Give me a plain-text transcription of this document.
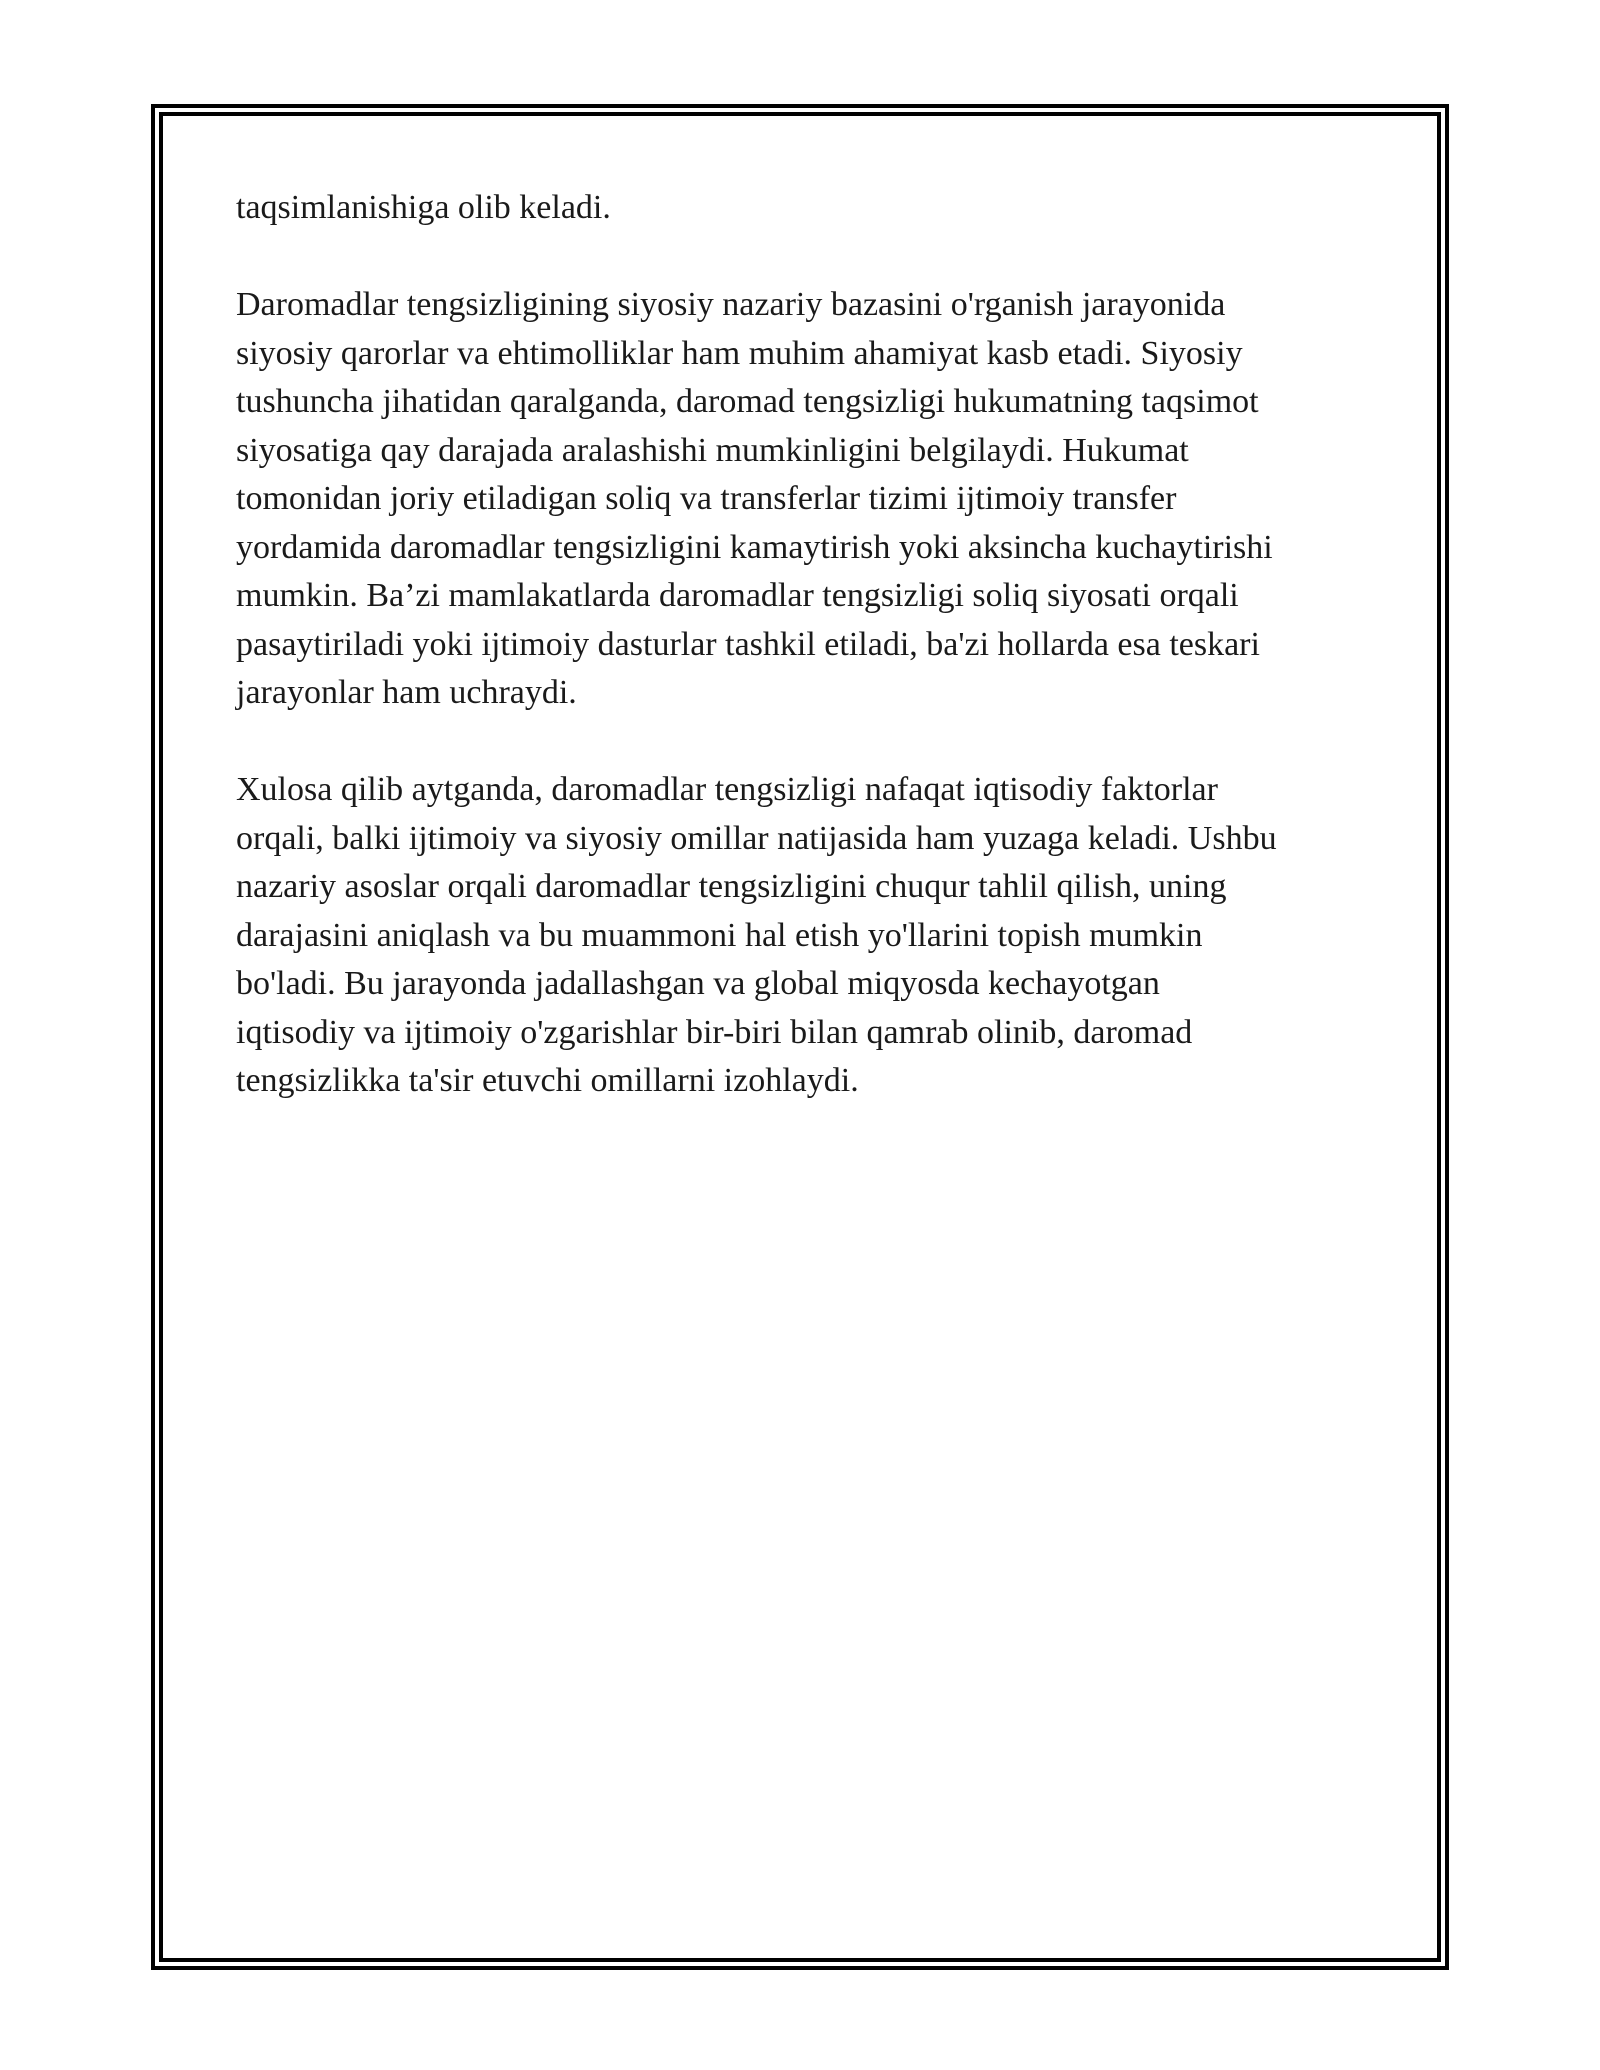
taqsimlanishiga olib keladi.

Daromadlar tengsizligining siyosiy nazariy bazasini o'rganish jarayonida
siyosiy qarorlar va ehtimolliklar ham muhim ahamiyat kasb etadi. Siyosiy
tushuncha jihatidan qaralganda, daromad tengsizligi hukumatning taqsimot
siyosatiga qay darajada aralashishi mumkinligini belgilaydi. Hukumat
tomonidan joriy etiladigan soliq va transferlar tizimi ijtimoiy transfer
yordamida daromadlar tengsizligini kamaytirish yoki aksincha kuchaytirishi
mumkin. Ba’zi mamlakatlarda daromadlar tengsizligi soliq siyosati orqali
pasaytiriladi yoki ijtimoiy dasturlar tashkil etiladi, ba'zi hollarda esa teskari
jarayonlar ham uchraydi.

Xulosa qilib aytganda, daromadlar tengsizligi nafaqat iqtisodiy faktorlar
orqali, balki ijtimoiy va siyosiy omillar natijasida ham yuzaga keladi. Ushbu
nazariy asoslar orqali daromadlar tengsizligini chuqur tahlil qilish, uning
darajasini aniqlash va bu muammoni hal etish yo'llarini topish mumkin
bo'ladi. Bu jarayonda jadallashgan va global miqyosda kechayotgan
iqtisodiy va ijtimoiy o'zgarishlar bir-biri bilan qamrab olinib, daromad
tengsizlikka ta'sir etuvchi omillarni izohlaydi.
